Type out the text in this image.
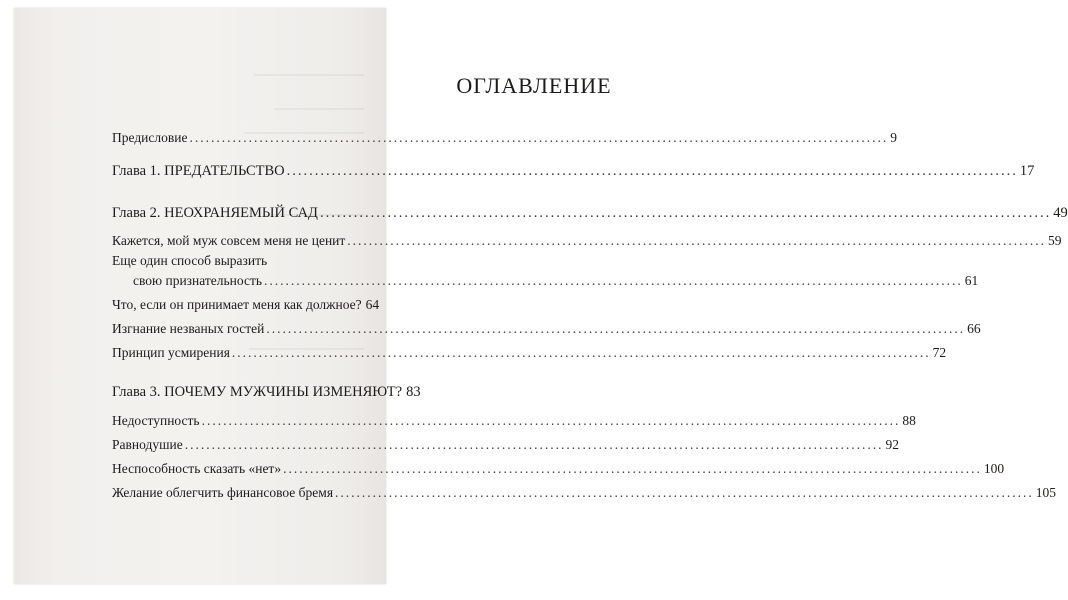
ОГЛАВЛЕНИЕ
Предисловие .....	9
Глава 1. ПРЕДАТЕЛЬСТВО .....	17
Глава 2. НЕОХРАНЯЕМЫЙ САД .....	49
Кажется, мой муж совсем меня не ценит .....	59
Еще один способ выразить
свою признательность .....	61
Что, если он принимает меня как должное? 64
Изгнание незваных гостей .....	66
Принцип усмирения .....	72
Глава 3. ПОЧЕМУ МУЖЧИНЫ ИЗМЕНЯЮТ? 83
Недоступность .....	88
Равнодушие .....	92
Неспособность сказать «нет» .....	100
Желание облегчить финансовое бремя .....	105
